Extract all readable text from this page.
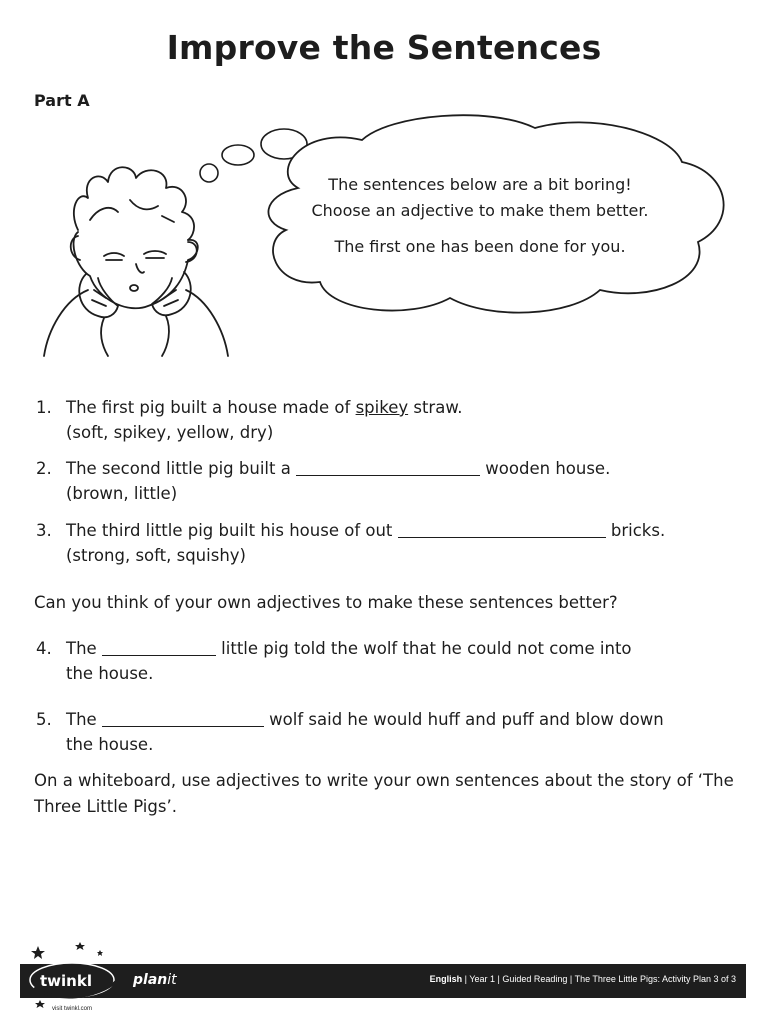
Improve the Sentences
Part A
The sentences below are a bit boring!
Choose an adjective to make them better.
The first one has been done for you.
1. The first pig built a house made of spikey straw.
(soft, spikey, yellow, dry)
2. The second little pig built a	wooden house.
(brown, little)
3. The third little pig built his house of out	bricks.
(strong, soft, squishy)
Can you think of your own adjectives to make these sentences better?
4. The	little pig told the wolf that he could not come into
the house.
5. The	wolf said he would huff and puff and blow down
the house.
On a whiteboard, use adjectives to write your own sentences about the story of ‘The Three Little Pigs’.
English | Year 1 | Guided Reading | The Three Little Pigs: Activity Plan 3 of 3
twinkl	planit
visit twinkl.com
